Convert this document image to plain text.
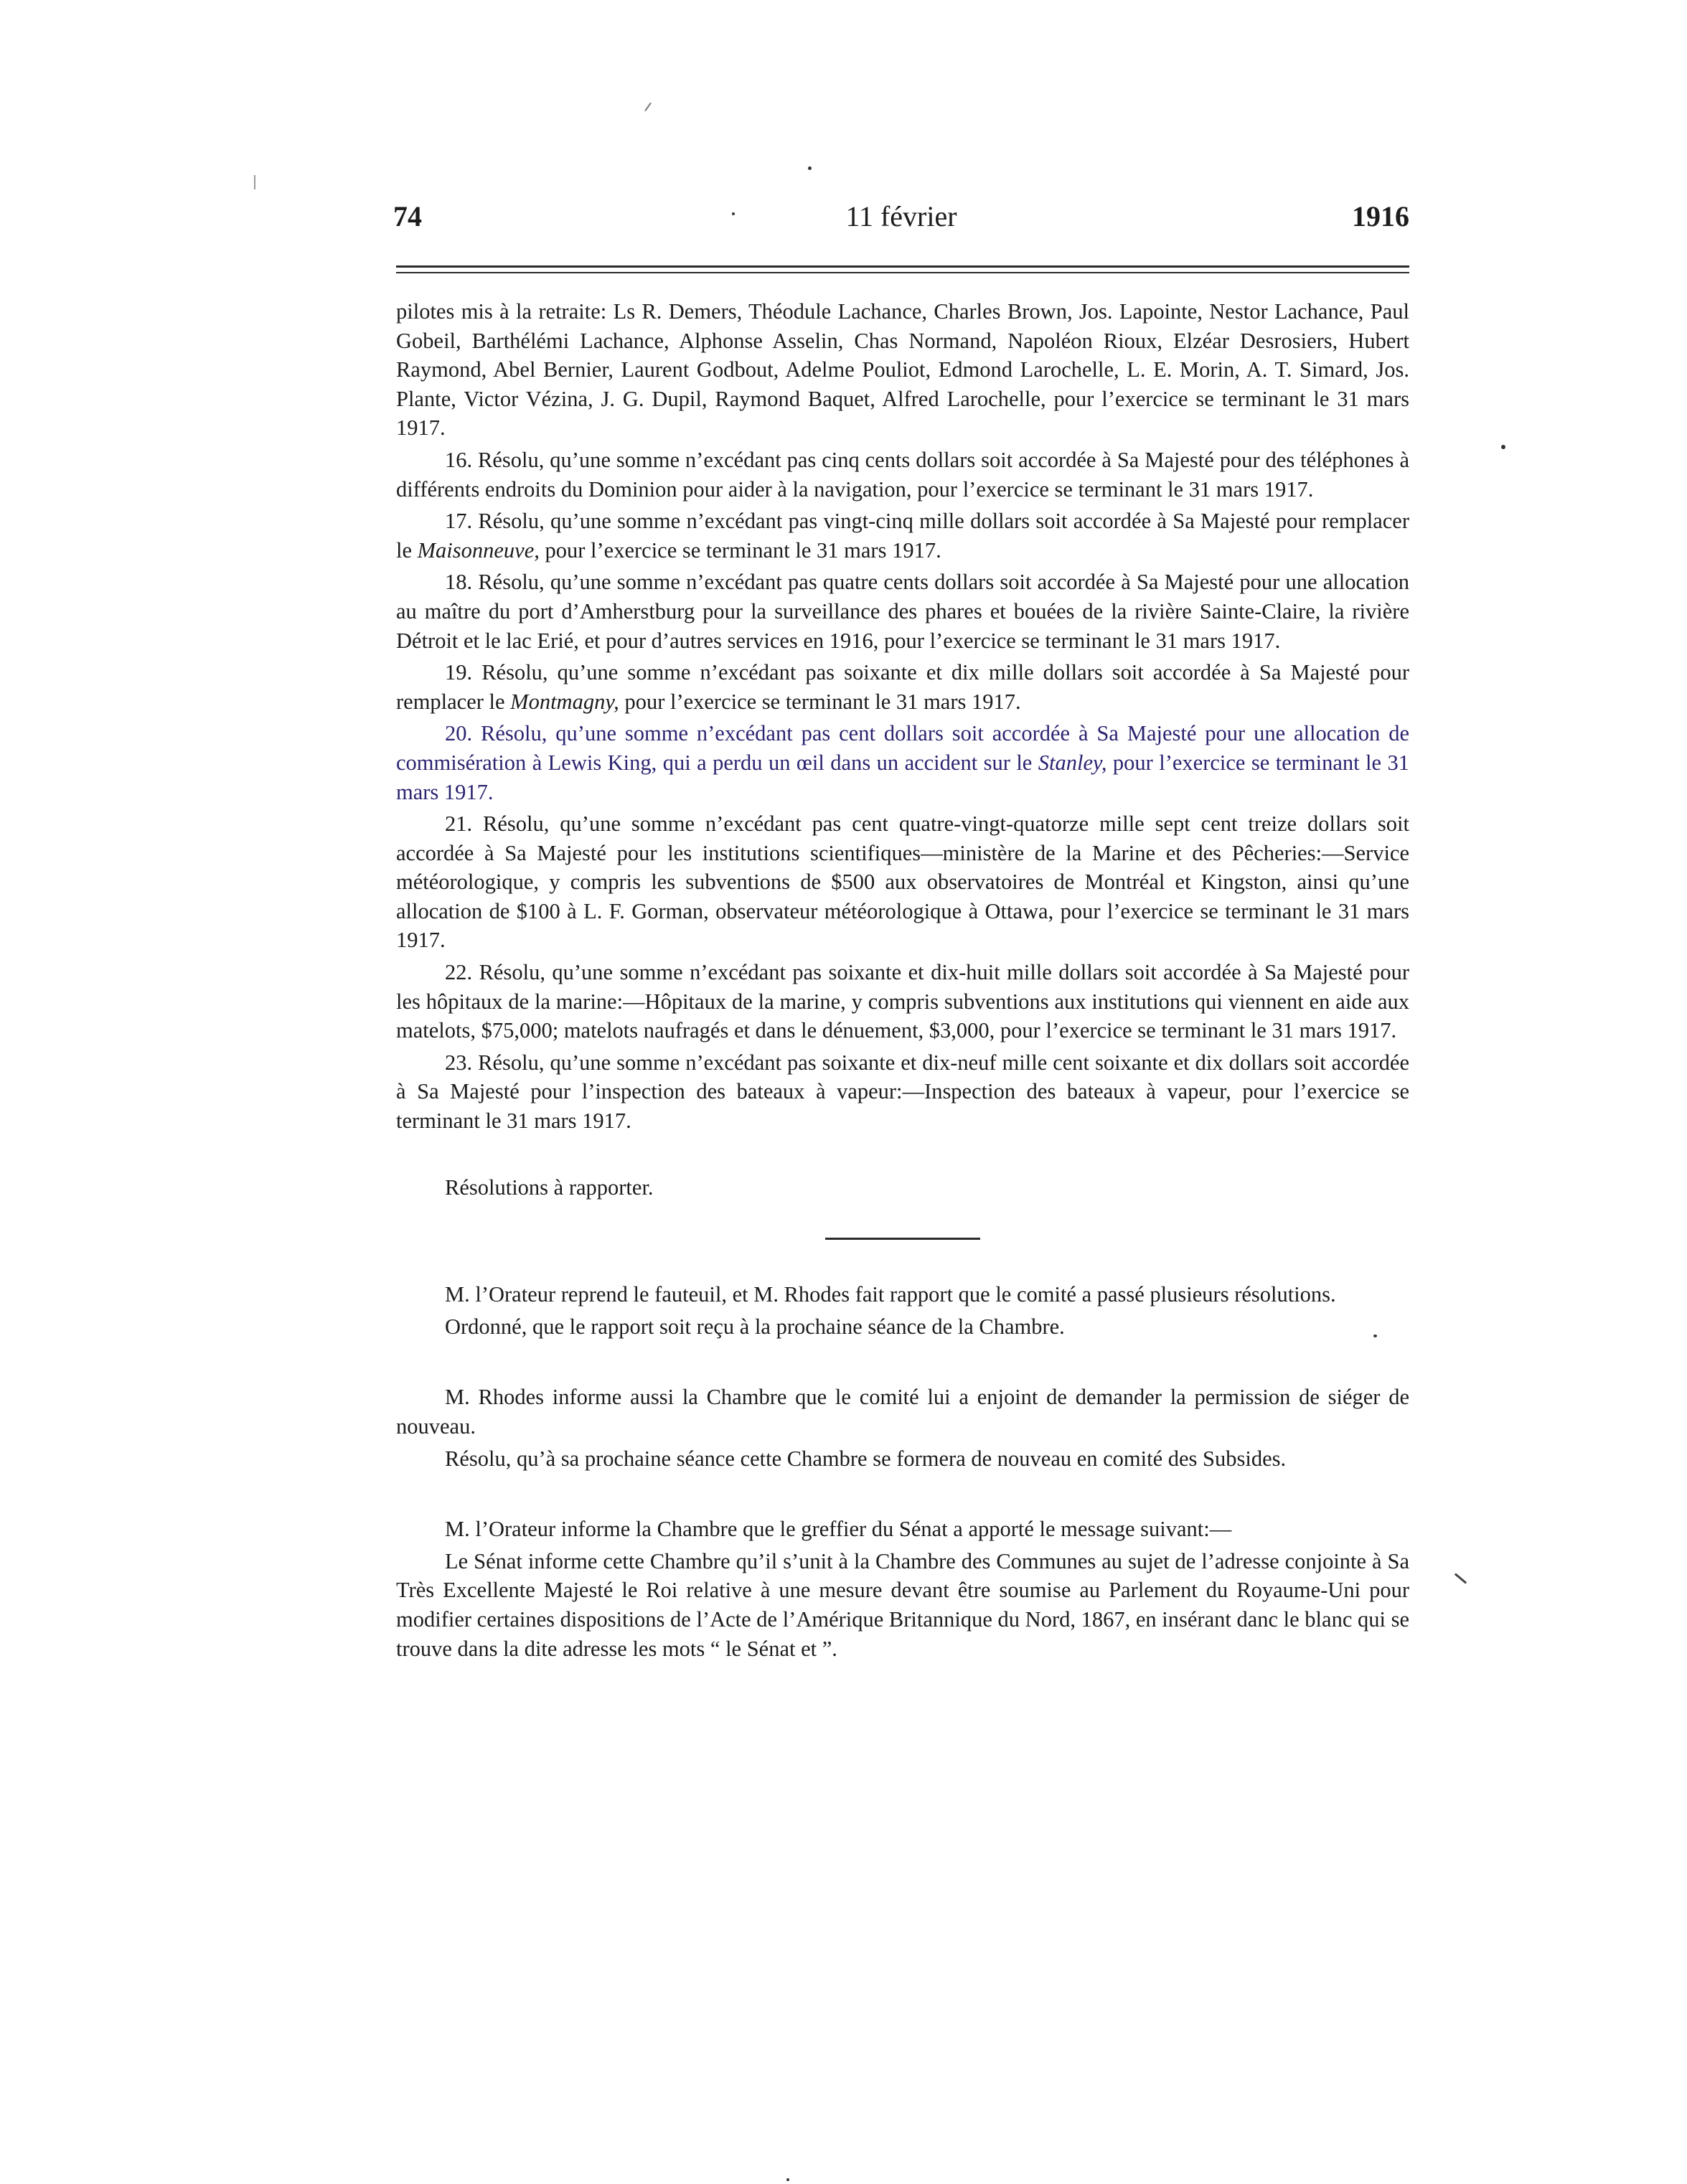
74	11 février	1916

pilotes mis à la retraite: Ls R. Demers, Théodule Lachance, Charles Brown, Jos. Lapointe, Nestor Lachance, Paul Gobeil, Barthélémi Lachance, Alphonse Asselin, Chas Normand, Napoléon Rioux, Elzéar Desrosiers, Hubert Raymond, Abel Bernier, Laurent Godbout, Adelme Pouliot, Edmond Larochelle, L. E. Morin, A. T. Simard, Jos. Plante, Victor Vézina, J. G. Dupil, Raymond Baquet, Alfred Larochelle, pour l’exercice se terminant le 31 mars 1917.

16. Résolu, qu’une somme n’excédant pas cinq cents dollars soit accordée à Sa Majesté pour des téléphones à différents endroits du Dominion pour aider à la navigation, pour l’exercice se terminant le 31 mars 1917.

17. Résolu, qu’une somme n’excédant pas vingt-cinq mille dollars soit accordée à Sa Majesté pour remplacer le Maisonneuve, pour l’exercice se terminant le 31 mars 1917.

18. Résolu, qu’une somme n’excédant pas quatre cents dollars soit accordée à Sa Majesté pour une allocation au maître du port d’Amherstburg pour la surveillance des phares et bouées de la rivière Sainte-Claire, la rivière Détroit et le lac Erié, et pour d’autres services en 1916, pour l’exercice se terminant le 31 mars 1917.

19. Résolu, qu’une somme n’excédant pas soixante et dix mille dollars soit accordée à Sa Majesté pour remplacer le Montmagny, pour l’exercice se terminant le 31 mars 1917.

20. Résolu, qu’une somme n’excédant pas cent dollars soit accordée à Sa Majesté pour une allocation de commisération à Lewis King, qui a perdu un œil dans un accident sur le Stanley, pour l’exercice se terminant le 31 mars 1917.

21. Résolu, qu’une somme n’excédant pas cent quatre-vingt-quatorze mille sept cent treize dollars soit accordée à Sa Majesté pour les institutions scientifiques—ministère de la Marine et des Pêcheries:—Service météorologique, y compris les subventions de $500 aux observatoires de Montréal et Kingston, ainsi qu’une allocation de $100 à L. F. Gorman, observateur météorologique à Ottawa, pour l’exercice se terminant le 31 mars 1917.

22. Résolu, qu’une somme n’excédant pas soixante et dix-huit mille dollars soit accordée à Sa Majesté pour les hôpitaux de la marine:—Hôpitaux de la marine, y compris subventions aux institutions qui viennent en aide aux matelots, $75,000; matelots naufragés et dans le dénuement, $3,000, pour l’exercice se terminant le 31 mars 1917.

23. Résolu, qu’une somme n’excédant pas soixante et dix-neuf mille cent soixante et dix dollars soit accordée à Sa Majesté pour l’inspection des bateaux à vapeur:—Inspection des bateaux à vapeur, pour l’exercice se terminant le 31 mars 1917.

Résolutions à rapporter.

M. l’Orateur reprend le fauteuil, et M. Rhodes fait rapport que le comité a passé plusieurs résolutions.

Ordonné, que le rapport soit reçu à la prochaine séance de la Chambre.

M. Rhodes informe aussi la Chambre que le comité lui a enjoint de demander la permission de siéger de nouveau.

Résolu, qu’à sa prochaine séance cette Chambre se formera de nouveau en comité des Subsides.

M. l’Orateur informe la Chambre que le greffier du Sénat a apporté le message suivant:—

Le Sénat informe cette Chambre qu’il s’unit à la Chambre des Communes au sujet de l’adresse conjointe à Sa Très Excellente Majesté le Roi relative à une mesure devant être soumise au Parlement du Royaume-Uni pour modifier certaines dispositions de l’Acte de l’Amérique Britannique du Nord, 1867, en insérant danc le blanc qui se trouve dans la dite adresse les mots “ le Sénat et ”.
